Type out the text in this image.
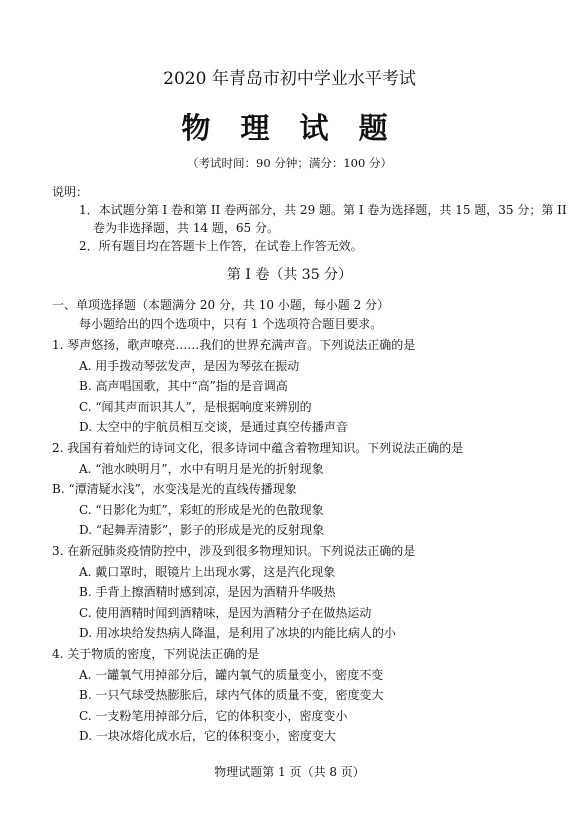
2020 年青岛市初中学业水平考试
物 理 试 题
（考试时间：90 分钟；满分：100 分）
说明：
1．本试题分第 I 卷和第 II 卷两部分，共 29 题。第 I 卷为选择题，共 15 题，35 分；第 II
卷为非选择题，共 14 题，65 分。
2．所有题目均在答题卡上作答，在试卷上作答无效。
第 I 卷（共 35 分）
一、单项选择题（本题满分 20 分，共 10 小题，每小题 2 分）
每小题给出的四个选项中，只有 1 个选项符合题目要求。
1. 琴声悠扬，歌声嘹亮……我们的世界充满声音。下列说法正确的是
A. 用手拨动琴弦发声，是因为琴弦在振动
B. 高声唱国歌，其中“高”指的是音调高
C. “闻其声而识其人”，是根据响度来辨别的
D. 太空中的宇航员相互交谈，是通过真空传播声音
2. 我国有着灿烂的诗词文化，很多诗词中蕴含着物理知识。下列说法正确的是
A. “池水映明月”，水中有明月是光的折射现象
B. “潭清疑水浅”，水变浅是光的直线传播现象
C. “日影化为虹”，彩虹的形成是光的色散现象
D. “起舞弄清影”，影子的形成是光的反射现象
3. 在新冠肺炎疫情防控中，涉及到很多物理知识。下列说法正确的是
A. 戴口罩时，眼镜片上出现水雾，这是汽化现象
B. 手背上擦酒精时感到凉，是因为酒精升华吸热
C. 使用酒精时闻到酒精味，是因为酒精分子在做热运动
D. 用冰块给发热病人降温，是利用了冰块的内能比病人的小
4. 关于物质的密度，下列说法正确的是
A. 一罐氧气用掉部分后，罐内氧气的质量变小，密度不变
B. 一只气球受热膨胀后，球内气体的质量不变，密度变大
C. 一支粉笔用掉部分后，它的体积变小，密度变小
D. 一块冰熔化成水后，它的体积变小，密度变大
物理试题第 1 页（共 8 页）
